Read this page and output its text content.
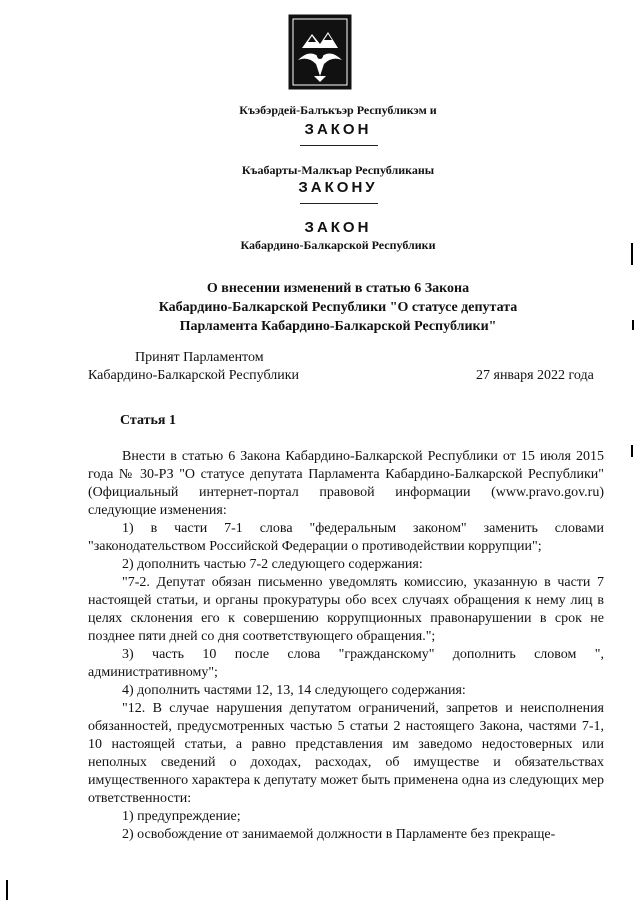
Къэбэрдей-Балъкъэр Республикэм и
ЗАКОН
Къабарты-Малкъар Республиканы
ЗАКОНУ
ЗАКОН
Кабардино-Балкарской Республики
О внесении изменений в статью 6 Закона
Кабардино-Балкарской Республики "О статусе депутата
Парламента Кабардино-Балкарской Республики"
Принят Парламентом
Кабардино-Балкарской Республики	27 января 2022 года
Статья 1

Внести в статью 6 Закона Кабардино-Балкарской Республики от 15 июля 2015 года № 30-РЗ "О статусе депутата Парламента Кабардино-Балкарской Республики" (Официальный интернет-портал правовой информации (www.pravo.gov.ru) следующие изменения:

1) в части 7-1 слова "федеральным законом" заменить словами "законодательством Российской Федерации о противодействии коррупции";

2) дополнить частью 7-2 следующего содержания:

"7-2. Депутат обязан письменно уведомлять комиссию, указанную в части 7 настоящей статьи, и органы прокуратуры обо всех случаях обращения к нему лиц в целях склонения его к совершению коррупционных правонарушении в срок не позднее пяти дней со дня соответствующего обращения.";

3) часть 10 после слова "гражданскому" дополнить словом ", административному";

4) дополнить частями 12, 13, 14 следующего содержания:

"12. В случае нарушения депутатом ограничений, запретов и неисполнения обязанностей, предусмотренных частью 5 статьи 2 настоящего Закона, частями 7-1, 10 настоящей статьи, а равно представления им заведомо недостоверных или неполных сведений о доходах, расходах, об имуществе и обязательствах имущественного характера к депутату может быть применена одна из следующих мер ответственности:

1) предупреждение;

2) освобождение от занимаемой должности в Парламенте без прекраще-
